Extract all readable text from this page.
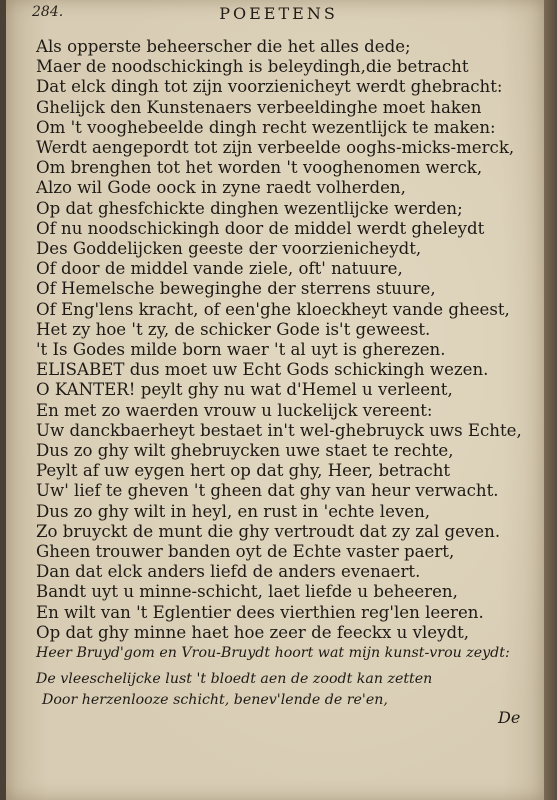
284.	POEETENS
Als opperste beheerscher die het alles dede;
Maer de noodschickingh is beleydingh,die betracht
Dat elck dingh tot zijn voorzienicheyt werdt ghebracht:
Ghelijck den Kunstenaers verbeeldinghe moet haken
Om 't vooghebeelde dingh recht wezentlijck te maken:
Werdt aengepordt tot zijn verbeelde ooghs-micks-merck,
Om brenghen tot het worden 't vooghenomen werck,
Alzo wil Gode oock in zyne raedt volherden,
Op dat ghesfchickte dinghen wezentlijcke werden;
Of nu noodschickingh door de middel werdt gheleydt
Des Goddelijcken geeste der voorzienicheydt,
Of door de middel vande ziele, oft' natuure,
Of Hemelsche beweginghe der sterrens stuure,
Of Eng'lens kracht, of een'ghe kloeckheyt vande gheest,
Het zy hoe 't zy, de schicker Gode is't geweest.
't Is Godes milde born waer 't al uyt is gherezen.
ELISABET dus moet uw Echt Gods schickingh wezen.
O KANTER! peylt ghy nu wat d'Hemel u verleent,
En met zo waerden vrouw u luckelijck vereent:
Uw danckbaerheyt bestaet in't wel-ghebruyck uws Echte,
Dus zo ghy wilt ghebruycken uwe staet te rechte,
Peylt af uw eygen hert op dat ghy, Heer, betracht
Uw' lief te gheven 't gheen dat ghy van heur verwacht.
Dus zo ghy wilt in heyl, en rust in 'echte leven,
Zo bruyckt de munt die ghy vertroudt dat zy zal geven.
Gheen trouwer banden oyt de Echte vaster paert,
Dan dat elck anders liefd de anders evenaert.
Bandt uyt u minne-schicht, laet liefde u beheeren,
En wilt van 't Eglentier dees vierthien reg'len leeren.
Op dat ghy minne haet hoe zeer de feeckx u vleydt,
Heer Bruyd'gom en Vrou-Bruydt hoort wat mijn kunst-vrou zeydt:
De vleeschelijcke lust 't bloedt aen de zoodt kan zetten
Door herzenlooze schicht, benev'lende de re'en,
De
